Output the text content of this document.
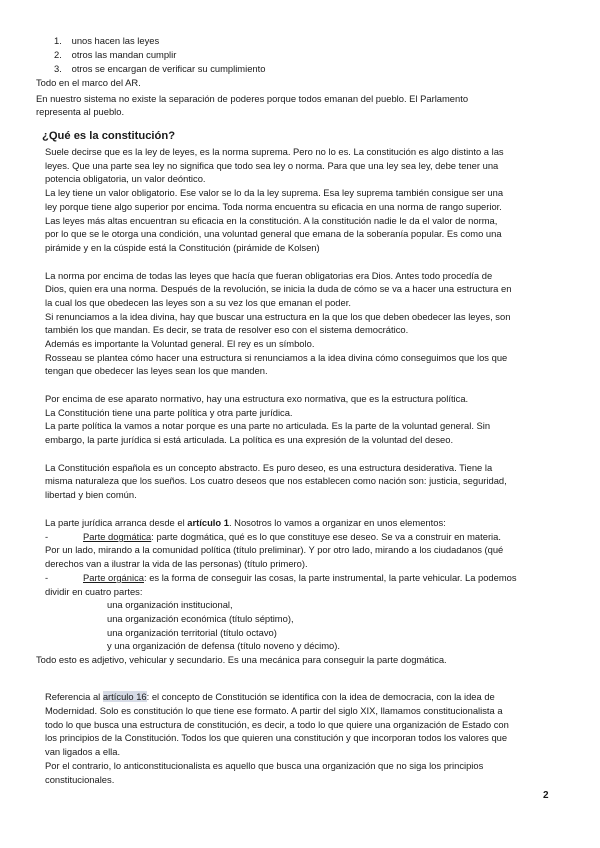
1. unos hacen las leyes
2. otros las mandan cumplir
3. otros se encargan de verificar su cumplimiento
Todo en el marco del AR.
En nuestro sistema no existe la separación de poderes porque todos emanan del pueblo. El Parlamento
representa al pueblo.
¿Qué es la constitución?
Suele decirse que es la ley de leyes, es la norma suprema. Pero no lo es. La constitución es algo distinto a las
leyes. Que una parte sea ley no significa que todo sea ley o norma. Para que una ley sea ley, debe tener una
potencia obligatoria, un valor deóntico.
La ley tiene un valor obligatorio. Ese valor se lo da la ley suprema. Esa ley suprema también consigue ser una
ley porque tiene algo superior por encima. Toda norma encuentra su eficacia en una norma de rango superior.
Las leyes más altas encuentran su eficacia en la constitución. A la constitución nadie le da el valor de norma,
por lo que se le otorga una condición, una voluntad general que emana de la soberanía popular. Es como una
pirámide y en la cúspide está la Constitución (pirámide de Kolsen)
La norma por encima de todas las leyes que hacía que fueran obligatorias era Dios. Antes todo procedía de
Dios, quien era una norma. Después de la revolución, se inicia la duda de cómo se va a hacer una estructura en
la cual los que obedecen las leyes son a su vez los que emanan el poder.
Si renunciamos a la idea divina, hay que buscar una estructura en la que los que deben obedecer las leyes, son
también los que mandan. Es decir, se trata de resolver eso con el sistema democrático.
Además es importante la Voluntad general. El rey es un símbolo.
Rosseau se plantea cómo hacer una estructura si renunciamos a la idea divina cómo conseguimos que los que
tengan que obedecer las leyes sean los que manden.
Por encima de ese aparato normativo, hay una estructura exo normativa, que es la estructura política.
La Constitución tiene una parte política y otra parte jurídica.
La parte política la vamos a notar porque es una parte no articulada. Es la parte de la voluntad general. Sin
embargo, la parte jurídica si está articulada. La política es una expresión de la voluntad del deseo.
La Constitución española es un concepto abstracto. Es puro deseo, es una estructura desiderativa. Tiene la
misma naturaleza que los sueños. Los cuatro deseos que nos establecen como nación son: justicia, seguridad,
libertad y bien común.
La parte jurídica arranca desde el artículo 1. Nosotros lo vamos a organizar en unos elementos:
-	Parte dogmática: parte dogmática, qué es lo que constituye ese deseo. Se va a construir en materia.
Por un lado, mirando a la comunidad política (título preliminar). Y por otro lado, mirando a los ciudadanos (qué
derechos van a ilustrar la vida de las personas) (título primero).
-	Parte orgánica: es la forma de conseguir las cosas, la parte instrumental, la parte vehicular. La podemos
dividir en cuatro partes:
una organización institucional,
una organización económica (título séptimo),
una organización territorial (título octavo)
y una organización de defensa (título noveno y décimo).
Todo esto es adjetivo, vehicular y secundario. Es una mecánica para conseguir la parte dogmática.
Referencia al artículo 16: el concepto de Constitución se identifica con la idea de democracia, con la idea de
Modernidad. Solo es constitución lo que tiene ese formato. A partir del siglo XIX, llamamos constitucionalista a
todo lo que busca una estructura de constitución, es decir, a todo lo que quiere una organización de Estado con
los principios de la Constitución. Todos los que quieren una constitución y que incorporan todos los valores que
van ligados a ella.
Por el contrario, lo anticonstitucionalista es aquello que busca una organización que no siga los principios
constitucionales.
2
